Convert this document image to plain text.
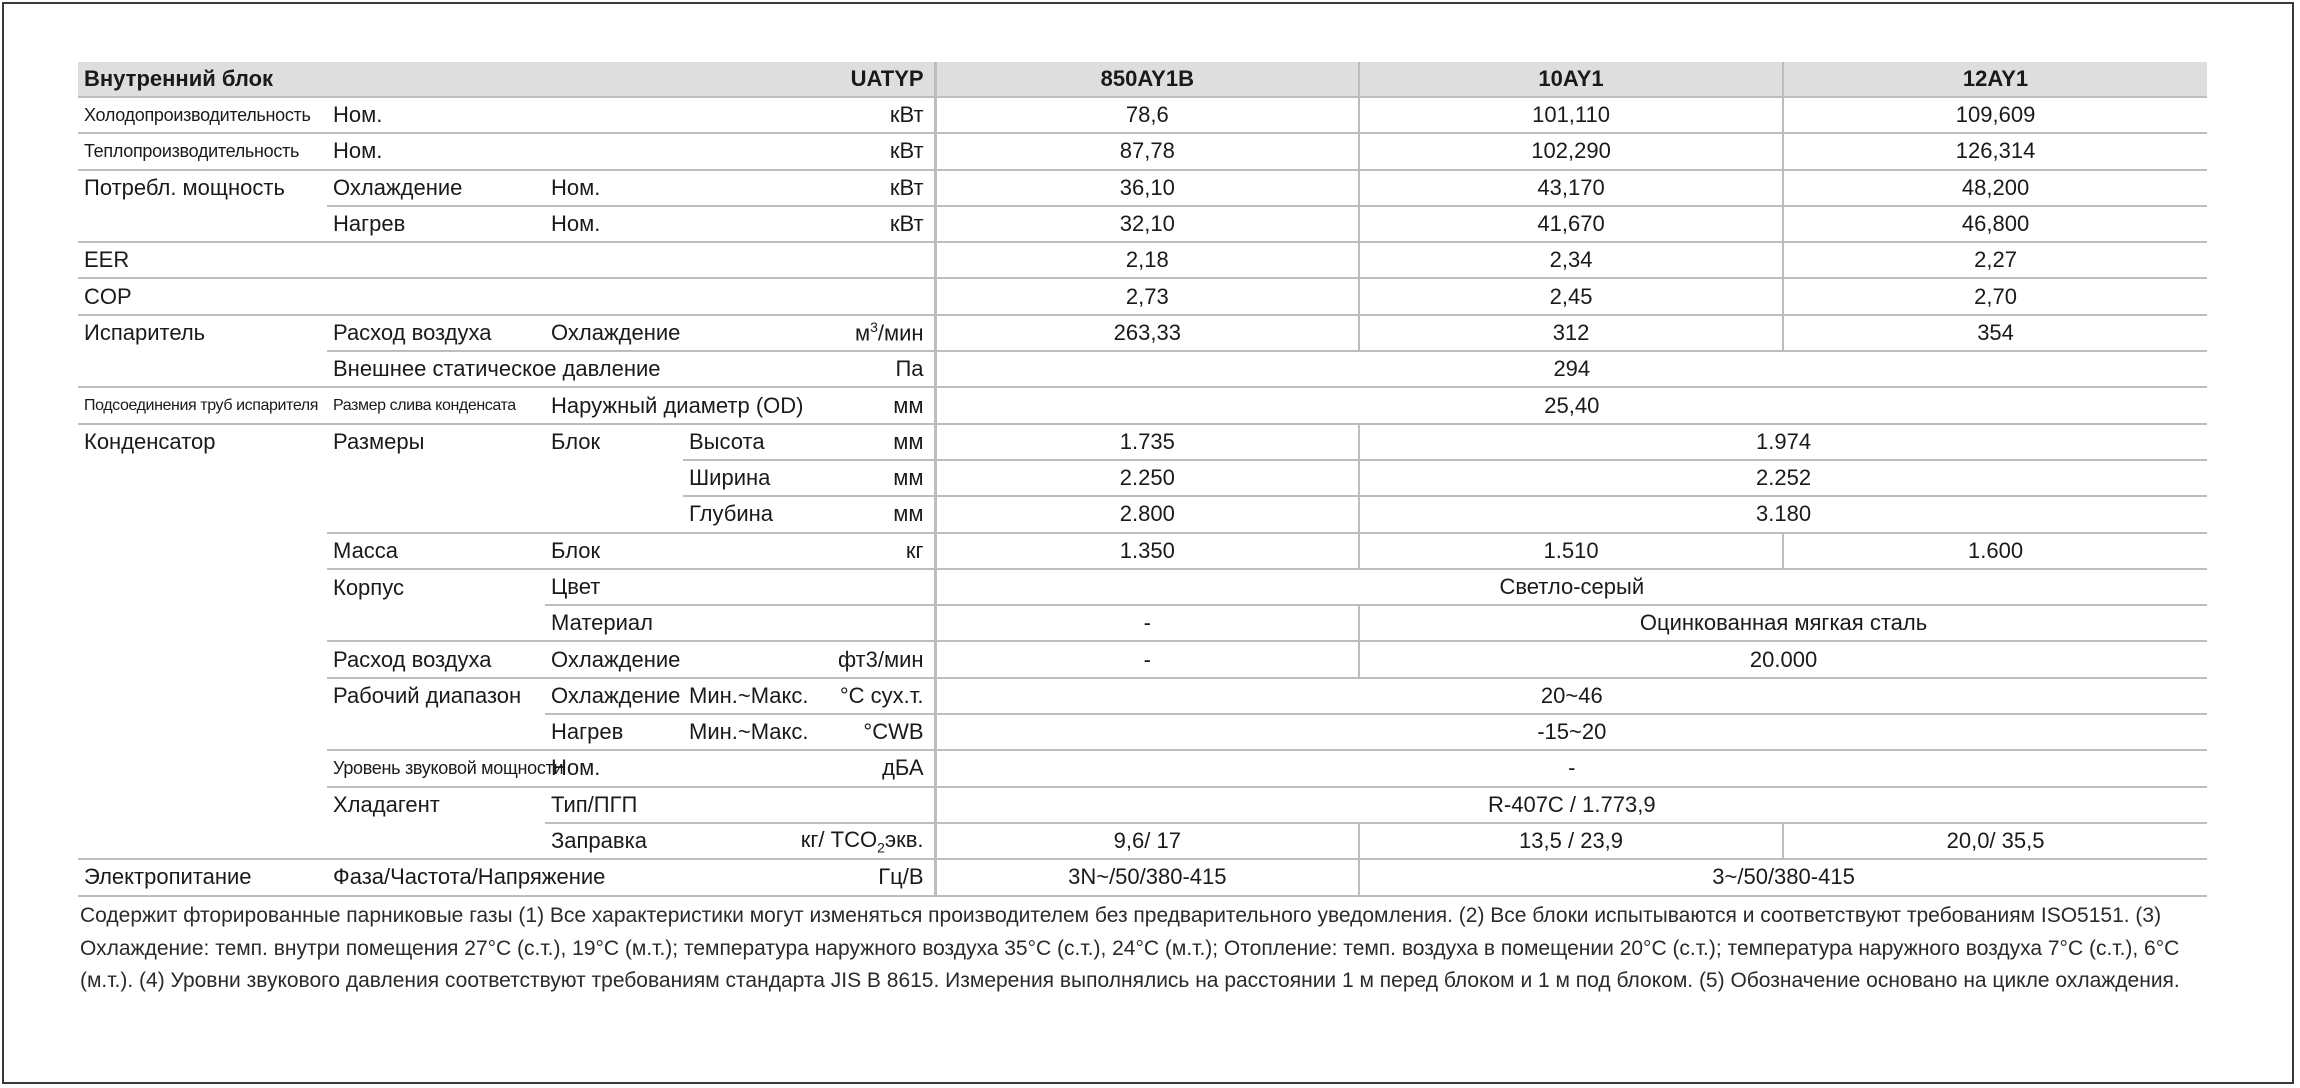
Внутренний блок				UATYP	850AY1B	10AY1	12AY1
Холодопроизводительность	Ном.			кВт	78,6	101,110	109,609
Теплопроизводительность	Ном.			кВт	87,78	102,290	126,314
Потребл. мощность	Охлаждение	Ном.		кВт	36,10	43,170	48,200
	Нагрев	Ном.		кВт	32,10	41,670	46,800
EER					2,18	2,34	2,27
COP					2,73	2,45	2,70
Испаритель	Расход воздуха	Охлаждение		$м^3$/мин	263,33	312	354
	Внешнее статическое давление			Па	294		
Подсоединения труб испарителя	Размер слива конденсата	Наружный диаметр (OD)		мм	25,40		
Конденсатор	Размеры	Блок	Высота	мм	1.735	1.974	
			Ширина	мм	2.250	2.252	
			Глубина	мм	2.800	3.180	
	Масса	Блок		кг	1.350	1.510	1.600
	Корпус	Цвет			Светло-серый		
		Материал			-	Оцинкованная мягкая сталь	
	Расход воздуха	Охлаждение		фт3/мин	-	20.000	
	Рабочий диапазон	Охлаждение	Мин.~Макс.	°С сух.т.	20~46		
		Нагрев	Мин.~Макс.	°CWB	-15~20		
	Уровень звуковой мощности	Ном.		дБА	-		
	Хладагент	Тип/ПГП			R-407C / 1.773,9		
		Заправка		кг/ $TCO_2экв$.	9,6/ 17	13,5 / 23,9	20,0/ 35,5
Электропитание	Фаза/Частота/Напряжение			Гц/В	3N~/50/380-415	3~/50/380-415	
Содержит фторированные парниковые газы (1) Все характеристики могут изменяться производителем без предварительного уведомления. (2) Все блоки испытываются и соответствуют требованиям ISO5151. (3) Охлаждение: темп. внутри помещения 27°С (с.т.), 19°С (м.т.); температура наружного воздуха 35°С (с.т.), 24°С (м.т.); Отопление: темп. воздуха в помещении 20°С (с.т.); температура наружного воздуха 7°С (с.т.), 6°С (м.т.). (4) Уровни звукового давления соответствуют требованиям стандарта JIS B 8615. Измерения выполнялись на расстоянии 1 м перед блоком и 1 м под блоком. (5) Обозначение основано на цикле охлаждения.
